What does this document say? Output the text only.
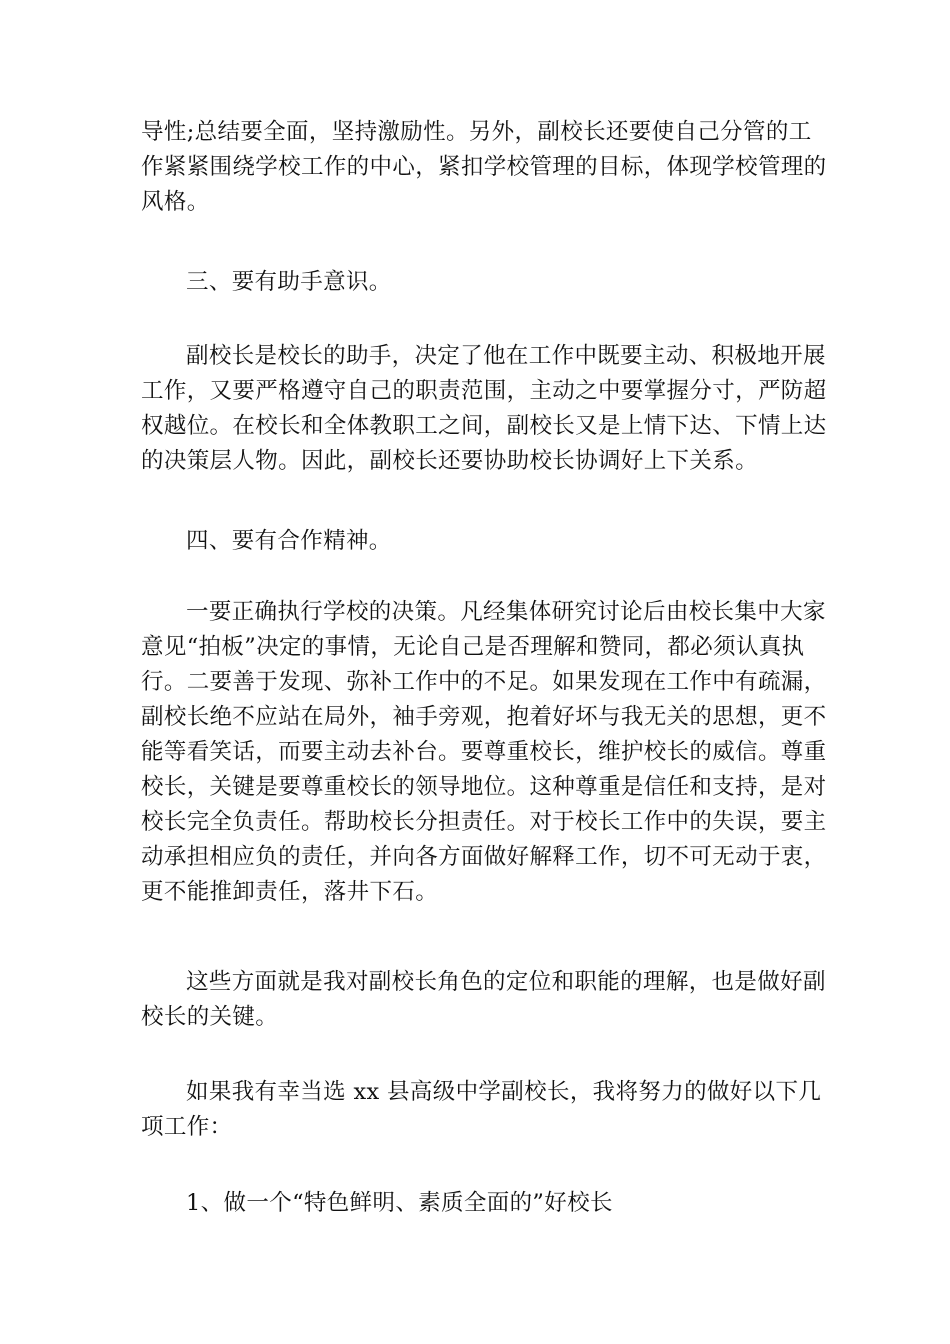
导性;总结要全面，坚持激励性。另外，副校长还要使自己分管的工
作紧紧围绕学校工作的中心，紧扣学校管理的目标，体现学校管理的
风格。
三、要有助手意识。
副校长是校长的助手，决定了他在工作中既要主动、积极地开展
工作，又要严格遵守自己的职责范围，主动之中要掌握分寸，严防超
权越位。在校长和全体教职工之间，副校长又是上情下达、下情上达
的决策层人物。因此，副校长还要协助校长协调好上下关系。
四、要有合作精神。
一要正确执行学校的决策。凡经集体研究讨论后由校长集中大家
意见“拍板”决定的事情，无论自己是否理解和赞同，都必须认真执
行。二要善于发现、弥补工作中的不足。如果发现在工作中有疏漏，
副校长绝不应站在局外，袖手旁观，抱着好坏与我无关的思想，更不
能等看笑话，而要主动去补台。要尊重校长，维护校长的威信。尊重
校长，关键是要尊重校长的领导地位。这种尊重是信任和支持，是对
校长完全负责任。帮助校长分担责任。对于校长工作中的失误，要主
动承担相应负的责任，并向各方面做好解释工作，切不可无动于衷，
更不能推卸责任，落井下石。
这些方面就是我对副校长角色的定位和职能的理解，也是做好副
校长的关键。
如果我有幸当选 xx 县高级中学副校长，我将努力的做好以下几
项工作：
1、做一个“特色鲜明、素质全面的”好校长
